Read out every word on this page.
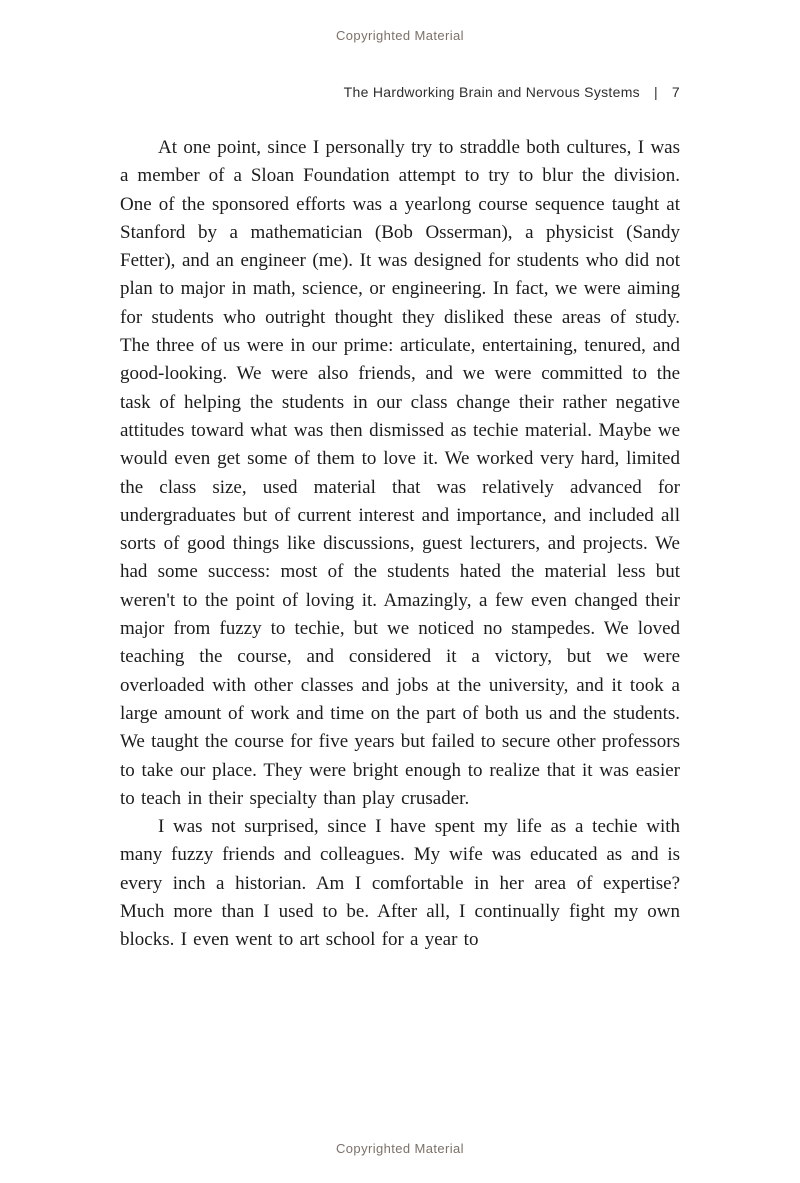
Copyrighted Material
The Hardworking Brain and Nervous Systems | 7

At one point, since I personally try to straddle both cultures, I was a member of a Sloan Foundation attempt to try to blur the division. One of the sponsored efforts was a yearlong course sequence taught at Stanford by a mathematician (Bob Osserman), a physicist (Sandy Fetter), and an engineer (me). It was designed for students who did not plan to major in math, science, or engineering. In fact, we were aiming for students who outright thought they disliked these areas of study. The three of us were in our prime: articulate, entertaining, tenured, and good-looking. We were also friends, and we were committed to the task of helping the students in our class change their rather negative attitudes toward what was then dismissed as techie material. Maybe we would even get some of them to love it. We worked very hard, limited the class size, used material that was relatively advanced for undergraduates but of current interest and importance, and included all sorts of good things like discussions, guest lecturers, and projects. We had some success: most of the students hated the material less but weren't to the point of loving it. Amazingly, a few even changed their major from fuzzy to techie, but we noticed no stampedes. We loved teaching the course, and considered it a victory, but we were overloaded with other classes and jobs at the university, and it took a large amount of work and time on the part of both us and the students. We taught the course for five years but failed to secure other professors to take our place. They were bright enough to realize that it was easier to teach in their specialty than play crusader.

I was not surprised, since I have spent my life as a techie with many fuzzy friends and colleagues. My wife was educated as and is every inch a historian. Am I comfortable in her area of expertise? Much more than I used to be. After all, I continually fight my own blocks. I even went to art school for a year to

Copyrighted Material
